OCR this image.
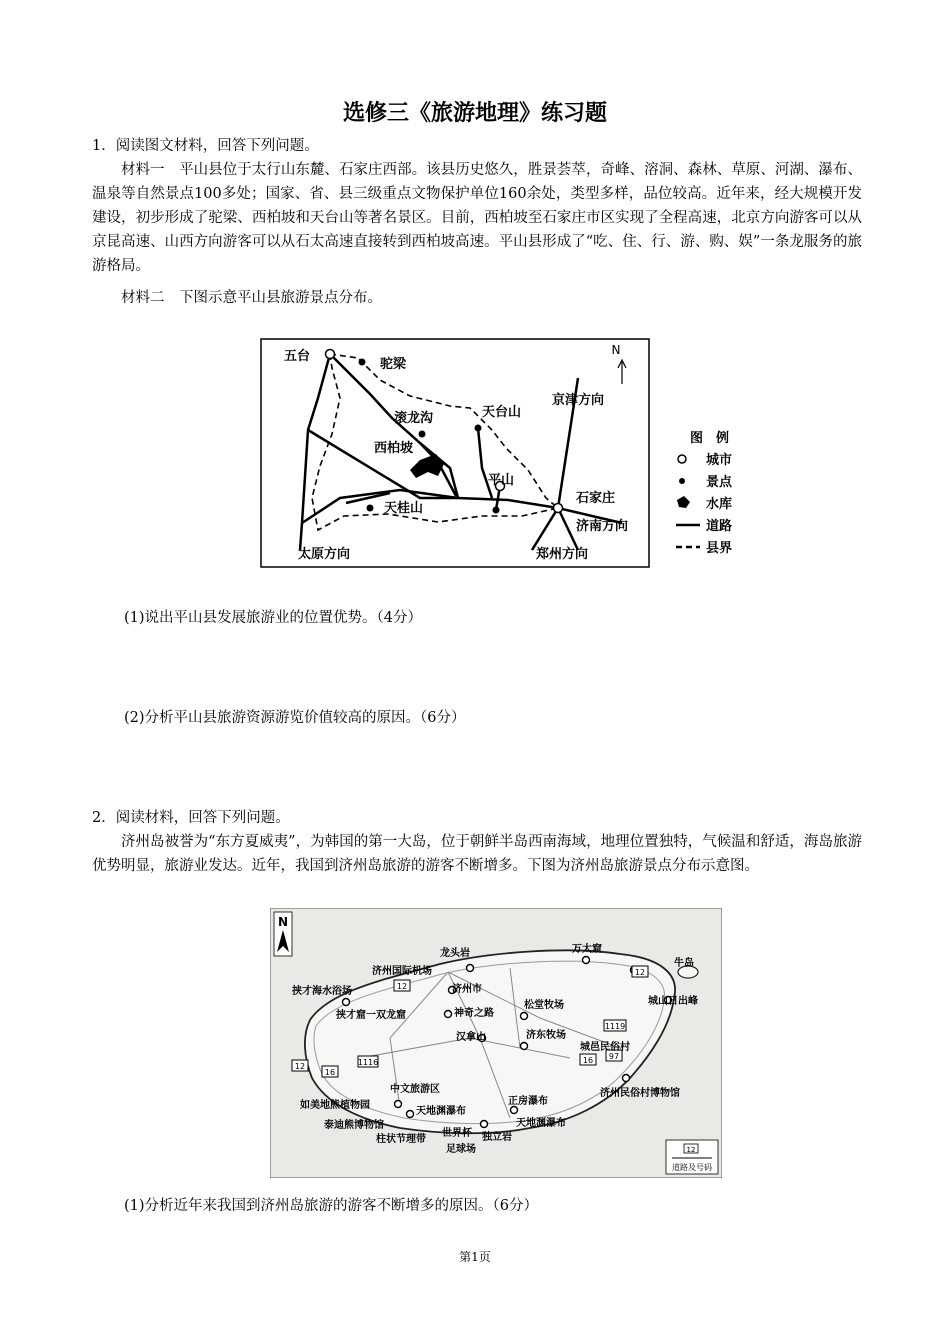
选修三《旅游地理》练习题
1．阅读图文材料，回答下列问题。
材料一　平山县位于太行山东麓、石家庄西部。该县历史悠久，胜景荟萃，奇峰、溶洞、森林、草原、河湖、瀑布、温泉等自然景点100多处；国家、省、县三级重点文物保护单位160余处，类型多样，品位较高。近年来，经大规模开发建设，初步形成了驼梁、西柏坡和天台山等著名景区。目前，西柏坡至石家庄市区实现了全程高速，北京方向游客可以从京昆高速、山西方向游客可以从石太高速直接转到西柏坡高速。平山县形成了“吃、住、行、游、购、娱”一条龙服务的旅游格局。
材料二　下图示意平山县旅游景点分布。
N
五台
驼梁
滚龙沟	天台山
京津方向
西柏坡
平山
石家庄
天桂山
济南方向
太原方向	郑州方向
图　例
城市
景点
水库
道路
县界
(1)说出平山县发展旅游业的位置优势。（4分）
(2)分析平山县旅游资源游览价值较高的原因。（6分）
2．阅读材料，回答下列问题。
济州岛被誉为“东方夏威夷”，为韩国的第一大岛，位于朝鲜半岛西南海域，地理位置独特，气候温和舒适，海岛旅游优势明显，旅游业发达。近年，我国到济州岛旅游的游客不断增多。下图为济州岛旅游景点分布示意图。
12
12
1119
16 97
1116
16
12
N
龙头岩
济州国际机场
挟才海水浴场	济州市
神奇之路
挟才窟一双龙窟
汉拿山
松堂牧场
济东牧场
万太窟
牛岛
城山日出峰
城邑民俗村
济州民俗村博物馆
中文旅游区
如美地熊植物园
泰迪熊博物馆
天地渊瀑布
正房瀑布
天地渊瀑布
柱状节理带
世界杯
足球场
独立岩
12
道路及号码
(1)分析近年来我国到济州岛旅游的游客不断增多的原因。（6分）
第1页
